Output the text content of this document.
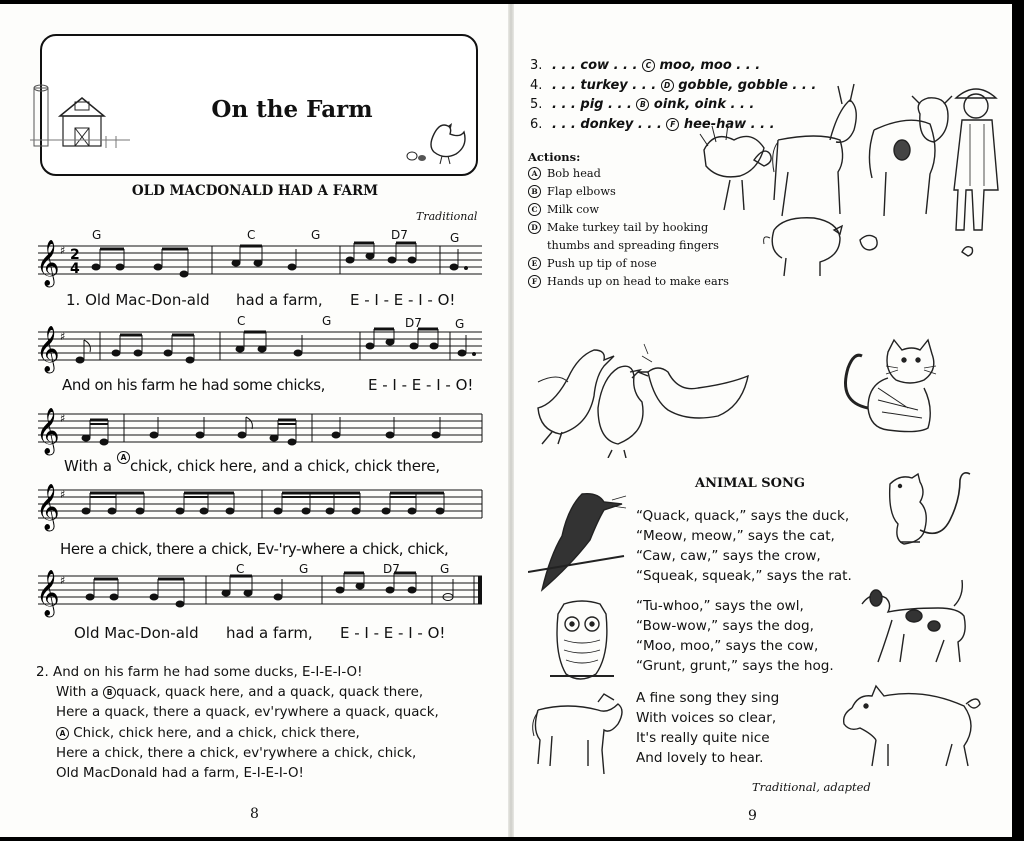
On the Farm
OLD MACDONALD HAD A FARM
Traditional
𝄞 ♯ 2
4
𝄞 ♯
𝄞 ♯
𝄞 ♯
𝄞 ♯
G	C	G	D7	G
C	G	D7	G
C	G	D7	G
1. Old Mac-Don-ald had a farm, E - I - E - I - O!
And on his farm he had some chicks,	E - I - E - I - O!
With a	A chick, chick here, and a chick, chick there,
Here a chick, there a chick, Ev-'ry-where a chick, chick,
Old Mac-Don-ald had a farm, E - I - E - I - O!
2. And on his farm he had some ducks, E-I-E-I-O!
With a B quack, quack here, and a quack, quack there,
Here a quack, there a quack, ev'rywhere a quack, quack,
A Chick, chick here, and a chick, chick there,
Here a chick, there a chick, ev'rywhere a chick, chick,
Old MacDonald had a farm, E-I-E-I-O!
8
3. . . . cow . . . C moo, moo . . .
4. . . . turkey . . . D gobble, gobble . . .
5. . . . pig . . . B oink, oink . . .
6. . . . donkey . . . F hee-haw . . .
Actions:
A Bob head
B Flap elbows
C Milk cow
D Make turkey tail by hooking
thumbs and spreading fingers
E Push up tip of nose
F Hands up on head to make ears
ANIMAL SONG
“Quack, quack,” says the duck,
“Meow, meow,” says the cat,
“Caw, caw,” says the crow,
“Squeak, squeak,” says the rat.
“Tu-whoo,” says the owl,
“Bow-wow,” says the dog,
“Moo, moo,” says the cow,
“Grunt, grunt,” says the hog.
A fine song they sing
With voices so clear,
It's really quite nice
And lovely to hear.
Traditional, adapted
9
